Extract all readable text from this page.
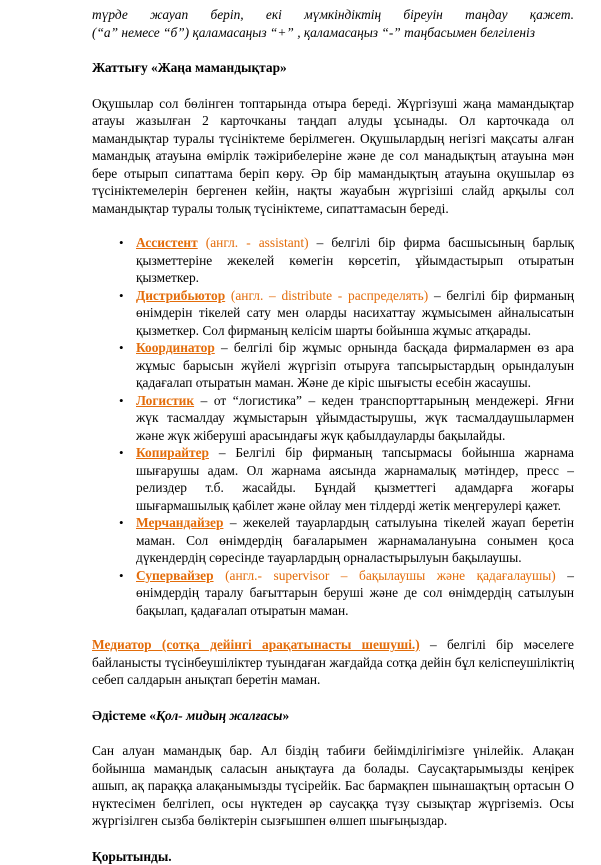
түрде жауап беріп, екі мүмкіндіктің біреуін таңдау қажет.

(“а” немесе “б”) қаламасаңыз “+” , қаламасаңыз “-” таңбасымен белгіленіз

Жаттығу «Жаңа мамандықтар»

Оқушылар сол бөлінген топтарында отыра береді. Жүргізуші жаңа мамандықтар атауы жазылған 2 карточканы таңдап алуды ұсынады. Ол карточкада ол мамандықтар туралы түсініктеме берілмеген. Оқушылардың негізгі мақсаты алған мамандық атауына өмірлік тәжірибелеріне және де сол манадықтың атауына мән бере отырып сипаттама беріп көру. Әр бір мамандықтың атауына оқушылар өз түсініктемелерін бергенен кейін, нақты жауабын жүргізіші слайд арқылы сол мамандықтар туралы толық түсініктеме, сипаттамасын береді.

• Ассистент (англ. - assistant) – белгілі бір фирма басшысының барлық қызметтеріне жекелей көмегін көрсетіп, ұйымдастырып отыратын қызметкер.
• Дистрибьютор (англ. – distribute - распределять) – белгілі бір фирманың өнімдерін тікелей сату мен оларды насихаттау жұмысымен айналысатын қызметкер. Сол фирманың келісім шарты бойынша жұмыс атқарады.
• Координатор – белгілі бір жұмыс орнында басқада фирмалармен өз ара жұмыс барысын жүйелі жүргізіп отыруға тапсырыстардың орындалуын қадағалап отыратын маман. Және де кіріс шығысты есебін жасаушы.
• Логистик – от “логистика” – кеден транспорттарының мендежері. Яғни жүк тасмалдау жұмыстарын ұйымдастырушы, жүк тасмалдаушылармен және жүк жіберуші арасындағы жүк қабылдауларды бақылайды.
• Копирайтер – Белгілі бір фирманың тапсырмасы бойынша жарнама шығарушы адам. Ол жарнама аясында жарнамалық мәтіндер, пресс – релиздер т.б. жасайды. Бұндай қызметтегі адамдарға жоғары шығармашылық қабілет және ойлау мен тілдерді жетік меңгерулері қажет.
• Мерчандайзер – жекелей тауарлардың сатылуына тікелей жауап беретін маман. Сол өнімдердің бағаларымен жарнамалануына сонымен қоса дүкендердің сөресінде тауарлардың орналастырылуын бақылаушы.
• Супервайзер (англ.- supervisor – бақылаушы және қадағалаушы) – өнімдердің таралу бағыттарын беруші және де сол өнімдердің сатылуын бақылап, қадағалап отыратын маман.

Медиатор (сотқа дейінгі арақатынасты шешуші.) – белгілі бір мәселеге байланысты түсінбеушіліктер туындаған жағдайда сотқа дейін бұл келіспеушіліктің себеп салдарын анықтап беретін маман.

Әдістеме «Қол- мидың жалғасы»

Сан алуан мамандық бар. Ал біздің табиғи бейімділігімізге үнілейік. Алақан бойынша мамандық саласын анықтауға да болады. Саусақтарымызды кеңірек ашып, ақ параққа алақанымызды түсірейік. Бас бармақпен шынашақтың ортасын О нүктесімен белгілеп, осы нүктеден әр саусаққа түзу сызықтар жүргіземіз. Осы жүргізілген сызба бөліктерін сызғышпен өлшеп шығыңыздар.

Қорытынды.
